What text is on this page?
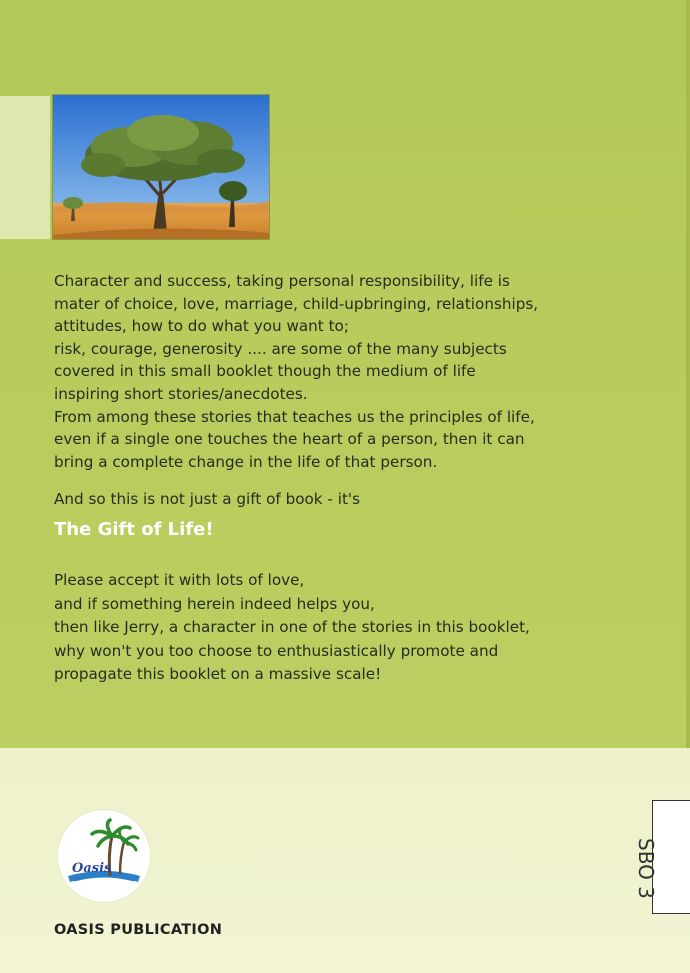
Character and success, taking personal responsibility, life is

mater of choice, love, marriage, child-upbringing, relationships,

attitudes, how to do what you want to;

risk, courage, generosity .... are some of the many subjects

covered in this small booklet though the medium of life

inspiring short stories/anecdotes.

From among these stories that teaches us the principles of life,

even if a single one touches the heart of a person, then it can

bring a complete change in the life of that person.

And so this is not just a gift of book - it's

The Gift of Life!

Please accept it with lots of love,

and if something herein indeed helps you,

then like Jerry, a character in one of the stories in this booklet,

why won't you too choose to enthusiastically promote and

propagate this booklet on a massive scale!

Oasis
OASIS PUBLICATION
SBO 3
